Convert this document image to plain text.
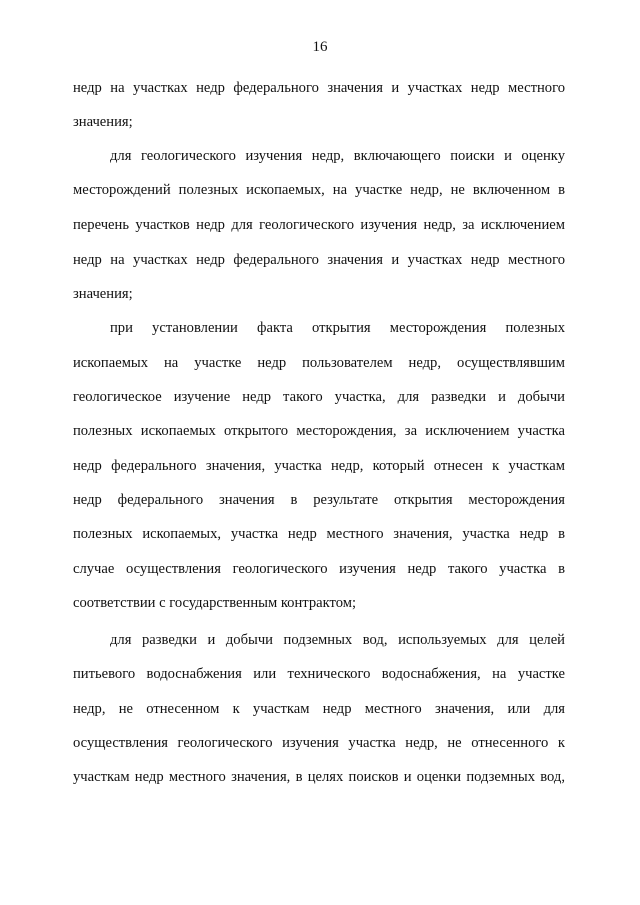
16
недр на участках недр федерального значения и участках недр местного
значения;
для геологического изучения недр, включающего поиски и оценку
месторождений полезных ископаемых, на участке недр, не включенном в
перечень участков недр для геологического изучения недр, за исключением
недр на участках недр федерального значения и участках недр местного
значения;
при установлении факта открытия месторождения полезных
ископаемых на участке недр пользователем недр, осуществлявшим
геологическое изучение недр такого участка, для разведки и добычи
полезных ископаемых открытого месторождения, за исключением участка
недр федерального значения, участка недр, который отнесен к участкам
недр федерального значения в результате открытия месторождения
полезных ископаемых, участка недр местного значения, участка недр в
случае осуществления геологического изучения недр такого участка в
соответствии с государственным контрактом;
для разведки и добычи подземных вод, используемых для целей
питьевого водоснабжения или технического водоснабжения, на участке
недр, не отнесенном к участкам недр местного значения, или для
осуществления геологического изучения участка недр, не отнесенного к
участкам недр местного значения, в целях поисков и оценки подземных вод,
